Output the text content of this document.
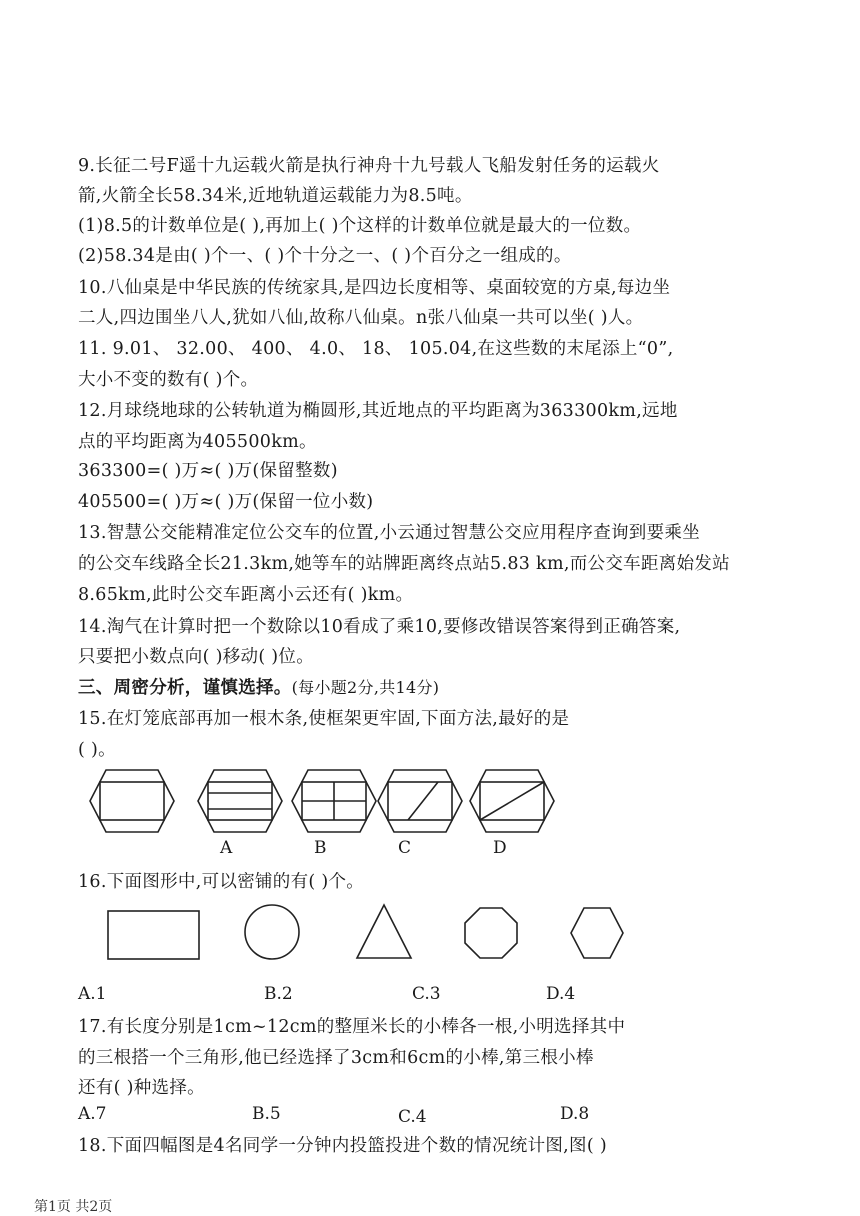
9.长征二号F遥十九运载火箭是执行神舟十九号载人飞船发射任务的运载火
箭,火箭全长58.34米,近地轨道运载能力为8.5吨。
(1)8.5的计数单位是( ),再加上( )个这样的计数单位就是最大的一位数。
(2)58.34是由( )个一、( )个十分之一、( )个百分之一组成的。
10.八仙桌是中华民族的传统家具,是四边长度相等、桌面较宽的方桌,每边坐
二人,四边围坐八人,犹如八仙,故称八仙桌。n张八仙桌一共可以坐( )人。
11. 9.01、 32.00、 400、 4.0、 18、 105.04,在这些数的末尾添上“0”,
大小不变的数有( )个。
12.月球绕地球的公转轨道为椭圆形,其近地点的平均距离为363300km,远地
点的平均距离为405500km。
363300=( )万≈( )万(保留整数)
405500=( )万≈( )万(保留一位小数)
13.智慧公交能精准定位公交车的位置,小云通过智慧公交应用程序查询到要乘坐
的公交车线路全长21.3km,她等车的站牌距离终点站5.83 km,而公交车距离始发站
8.65km,此时公交车距离小云还有( )km。
14.淘气在计算时把一个数除以10看成了乘10,要修改错误答案得到正确答案,
只要把小数点向( )移动( )位。
三、周密分析，谨慎选择。(每小题2分,共14分)
15.在灯笼底部再加一根木条,使框架更牢固,下面方法,最好的是
( )。
A	B	C	D
16.下面图形中,可以密铺的有( )个。
A.1	B.2	C.3	D.4
17.有长度分别是1cm~12cm的整厘米长的小棒各一根,小明选择其中
的三根搭一个三角形,他已经选择了3cm和6cm的小棒,第三根小棒
还有( )种选择。
A.7	B.5	C.4	D.8
18.下面四幅图是4名同学一分钟内投篮投进个数的情况统计图,图( )
第1页 共2页
